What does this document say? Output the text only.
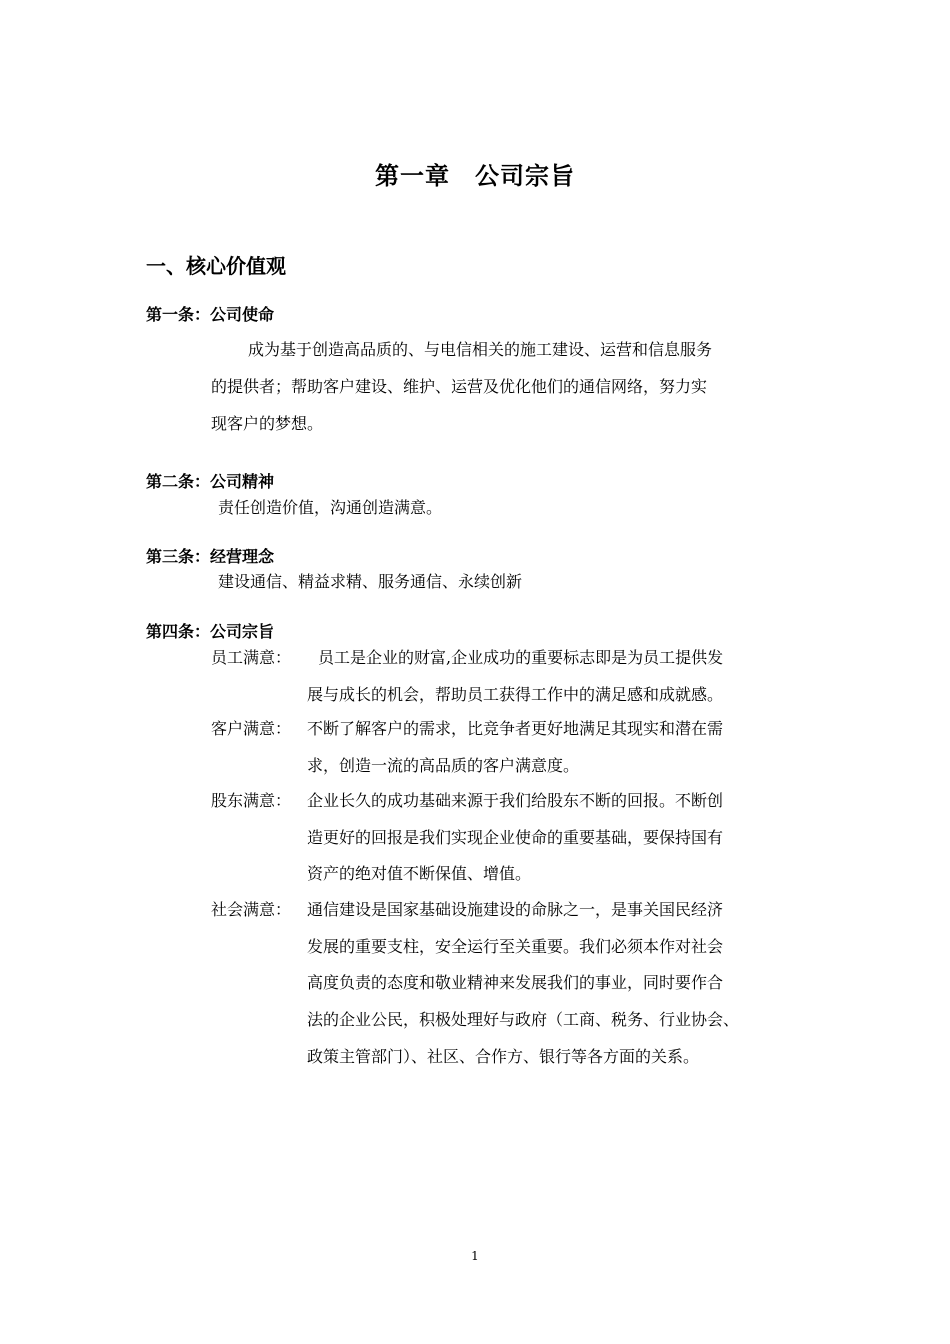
第一章　公司宗旨
一、核心价值观
第一条：公司使命
成为基于创造高品质的、与电信相关的施工建设、运营和信息服务
的提供者；帮助客户建设、维护、运营及优化他们的通信网络，努力实
现客户的梦想。
第二条：公司精神
责任创造价值，沟通创造满意。
第三条：经营理念
建设通信、精益求精、服务通信、永续创新
第四条：公司宗旨
员工满意： 员工是企业的财富,企业成功的重要标志即是为员工提供发
展与成长的机会，帮助员工获得工作中的满足感和成就感。
客户满意： 不断了解客户的需求，比竞争者更好地满足其现实和潜在需
求，创造一流的高品质的客户满意度。
股东满意： 企业长久的成功基础来源于我们给股东不断的回报。不断创
造更好的回报是我们实现企业使命的重要基础，要保持国有
资产的绝对值不断保值、增值。
社会满意： 通信建设是国家基础设施建设的命脉之一，是事关国民经济
发展的重要支柱，安全运行至关重要。我们必须本作对社会
高度负责的态度和敬业精神来发展我们的事业，同时要作合
法的企业公民，积极处理好与政府（工商、税务、行业协会、
政策主管部门）、社区、合作方、银行等各方面的关系。
1
